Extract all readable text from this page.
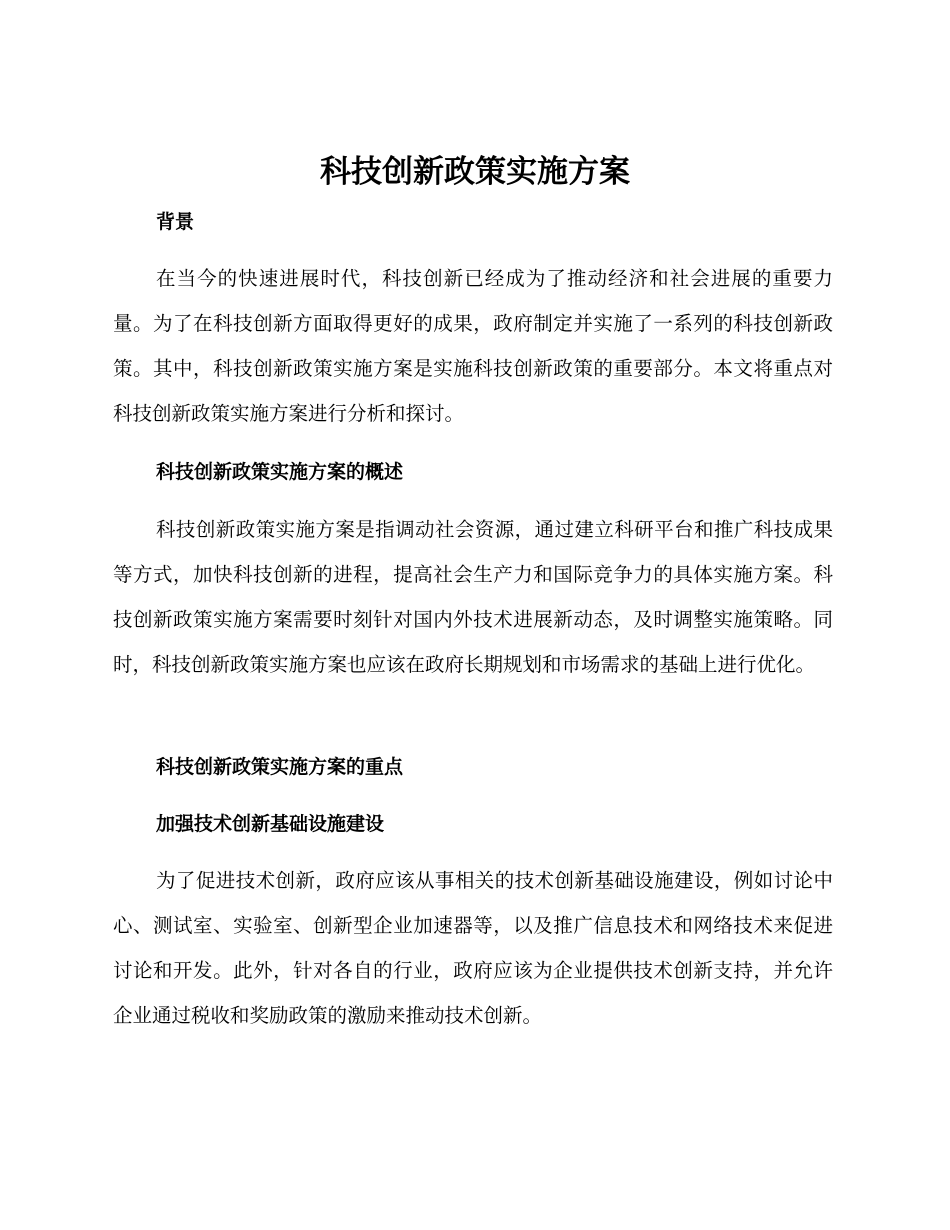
科技创新政策实施方案
背景
在当今的快速进展时代，科技创新已经成为了推动经济和社会进展的重要力量。为了在科技创新方面取得更好的成果，政府制定并实施了一系列的科技创新政策。其中，科技创新政策实施方案是实施科技创新政策的重要部分。本文将重点对科技创新政策实施方案进行分析和探讨。
科技创新政策实施方案的概述
科技创新政策实施方案是指调动社会资源，通过建立科研平台和推广科技成果等方式，加快科技创新的进程，提高社会生产力和国际竞争力的具体实施方案。科技创新政策实施方案需要时刻针对国内外技术进展新动态，及时调整实施策略。同时，科技创新政策实施方案也应该在政府长期规划和市场需求的基础上进行优化。
科技创新政策实施方案的重点
加强技术创新基础设施建设
为了促进技术创新，政府应该从事相关的技术创新基础设施建设，例如讨论中心、测试室、实验室、创新型企业加速器等，以及推广信息技术和网络技术来促进讨论和开发。此外，针对各自的行业，政府应该为企业提供技术创新支持，并允许企业通过税收和奖励政策的激励来推动技术创新。
